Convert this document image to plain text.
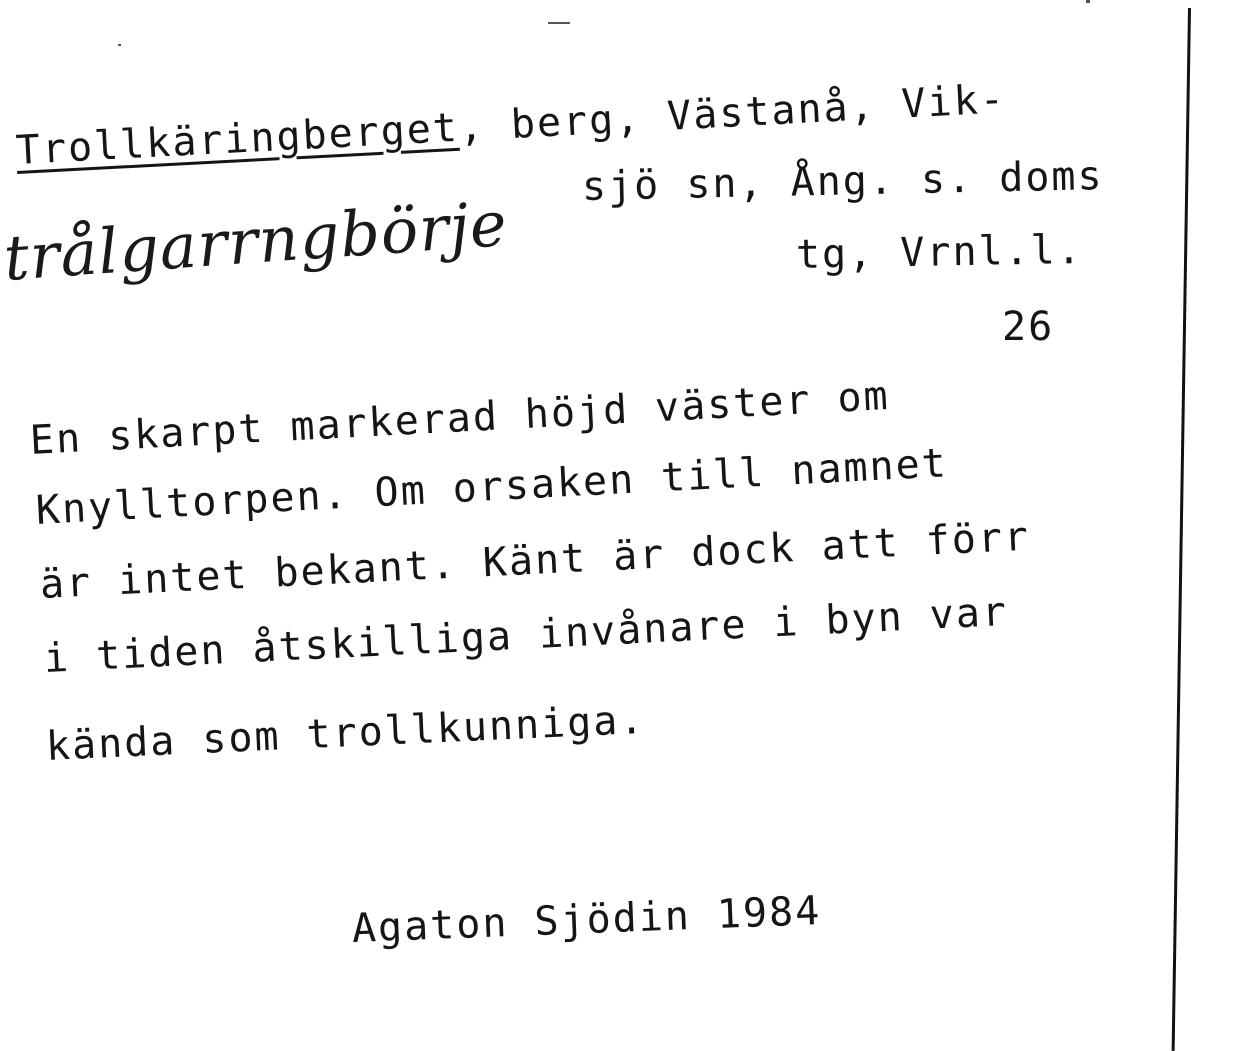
Trollkäringberget, berg, Västanå, Vik-
sjö sn, Ång. s. doms
trålgarrngbörje	tg, Vrnl.l.
26
En skarpt markerad höjd väster om
Knylltorpen. Om orsaken till namnet
är intet bekant. Känt är dock att förr
i tiden åtskilliga invånare i byn var
kända som trollkunniga.
Agaton Sjödin 1984
